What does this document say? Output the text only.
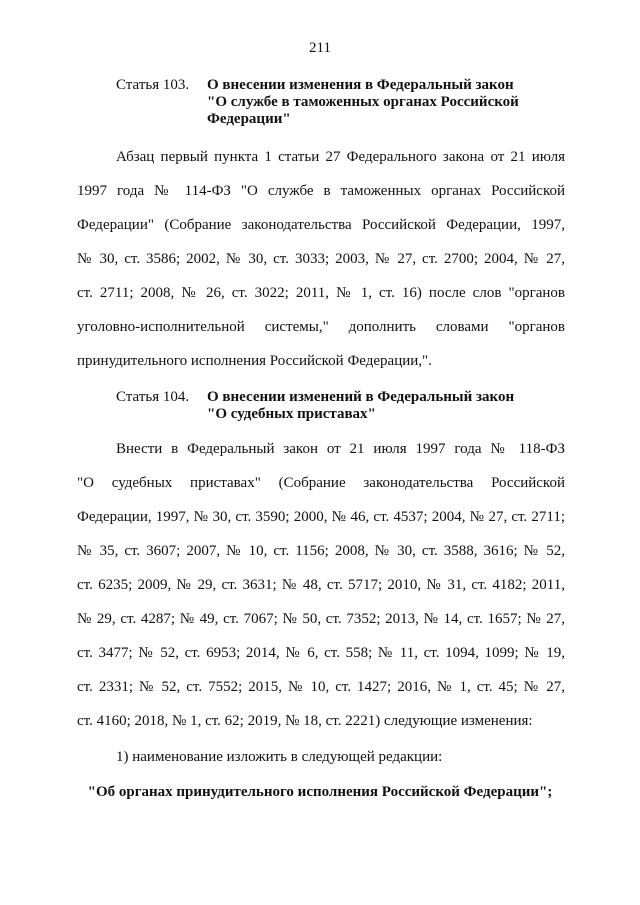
211
Статья 103. О внесении изменения в Федеральный закон
"О службе в таможенных органах Российской
Федерации"
Абзац первый пункта 1 статьи 27 Федерального закона от 21 июля
1997 года № 114-ФЗ "О службе в таможенных органах Российской
Федерации" (Собрание законодательства Российской Федерации, 1997,
№ 30, ст. 3586; 2002, № 30, ст. 3033; 2003, № 27, ст. 2700; 2004, № 27,
ст. 2711; 2008, № 26, ст. 3022; 2011, № 1, ст. 16) после слов "органов
уголовно-исполнительной системы," дополнить словами "органов
принудительного исполнения Российской Федерации,".
Статья 104. О внесении изменений в Федеральный закон
"О судебных приставах"
Внести в Федеральный закон от 21 июля 1997 года № 118-ФЗ
"О судебных приставах" (Собрание законодательства Российской
Федерации, 1997, № 30, ст. 3590; 2000, № 46, ст. 4537; 2004, № 27, ст. 2711;
№ 35, ст. 3607; 2007, № 10, ст. 1156; 2008, № 30, ст. 3588, 3616; № 52,
ст. 6235; 2009, № 29, ст. 3631; № 48, ст. 5717; 2010, № 31, ст. 4182; 2011,
№ 29, ст. 4287; № 49, ст. 7067; № 50, ст. 7352; 2013, № 14, ст. 1657; № 27,
ст. 3477; № 52, ст. 6953; 2014, № 6, ст. 558; № 11, ст. 1094, 1099; № 19,
ст. 2331; № 52, ст. 7552; 2015, № 10, ст. 1427; 2016, № 1, ст. 45; № 27,
ст. 4160; 2018, № 1, ст. 62; 2019, № 18, ст. 2221) следующие изменения:
1) наименование изложить в следующей редакции:
"Об органах принудительного исполнения Российской Федерации";
